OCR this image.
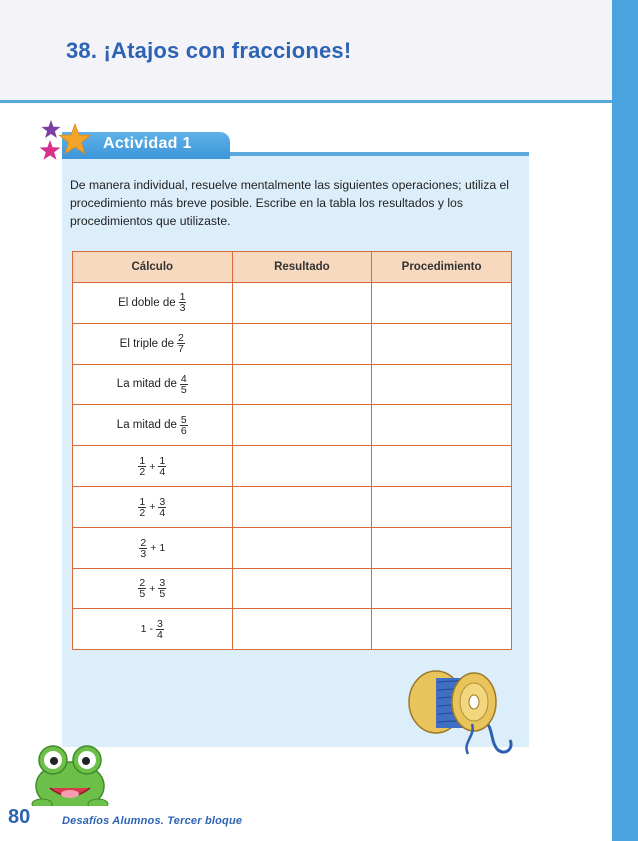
38. ¡Atajos con fracciones!
Actividad 1

De manera individual, resuelve mentalmente las siguientes operaciones; utiliza el procedimiento más breve posible. Escribe en la tabla los resultados y los procedimientos que utilizaste.

Cálculo	Resultado	Procedimiento

El doble de $\frac{1}{3}$

El triple de $\frac{2}{7}$

La mitad de $\frac{4}{5}$

La mitad de $\frac{5}{6}$

$\frac{1}{2} + \frac{1}{4}$

$\frac{1}{2} + \frac{3}{4}$

$\frac{2}{3} + 1$		

$\frac{2}{5} + \frac{3}{5}$

$1 - \frac{3}{4}$

80	Desafíos Alumnos. Tercer bloque
